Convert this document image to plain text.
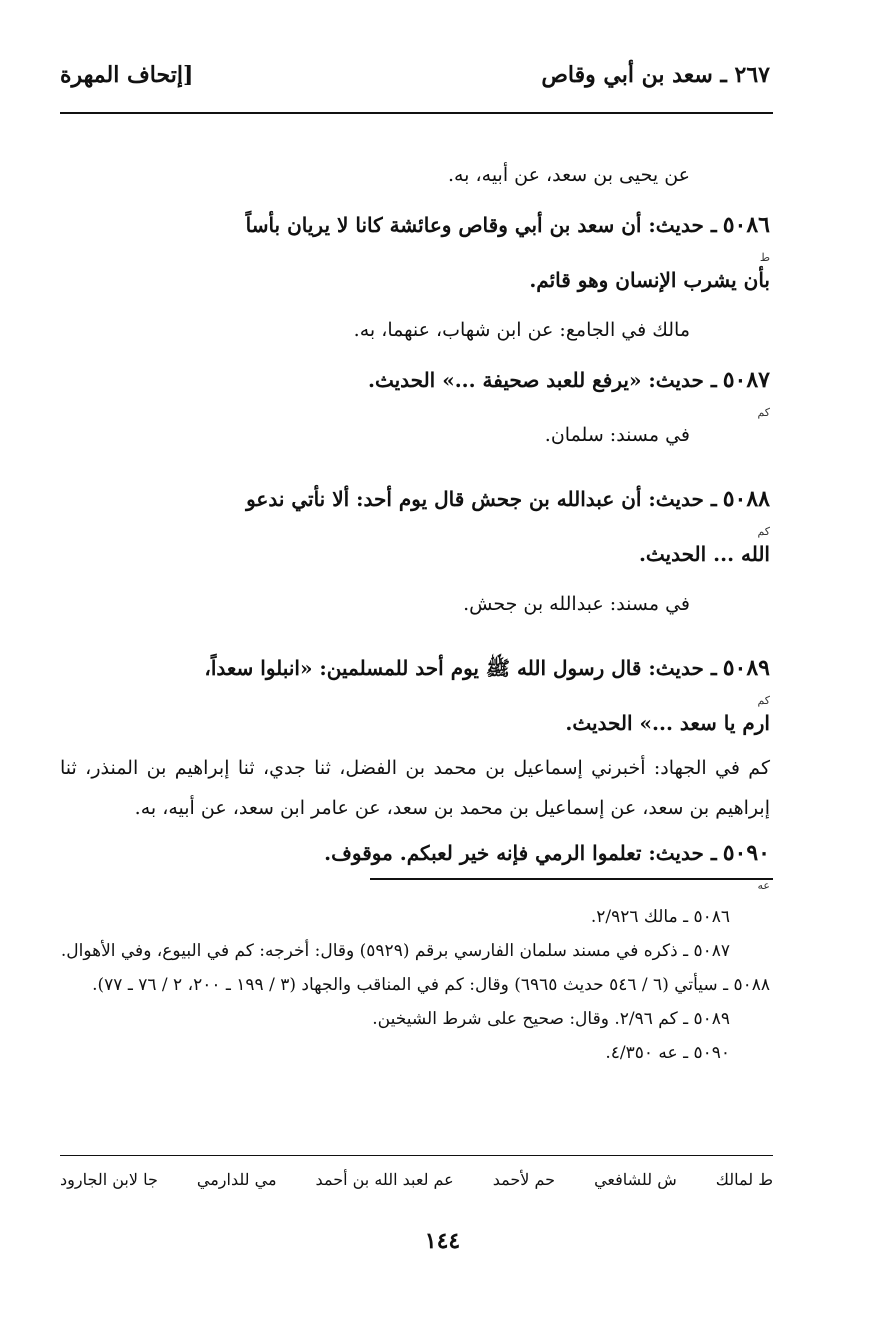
٢٦٧ ـ سعد بن أبي وقاص
[إتحاف المهرة
عن يحيى بن سعد، عن أبيه، به.
٥٠٨٦ ـ حديث: أن سعد بن أبي وقاص وعائشة كانا لا يريان بأساً
ط
بأن يشرب الإنسان وهو قائم.
مالك في الجامع: عن ابن شهاب، عنهما، به.
٥٠٨٧ ـ حديث: «يرفع للعبد صحيفة ...» الحديث.
كم
في مسند: سلمان.
٥٠٨٨ ـ حديث: أن عبدالله بن جحش قال يوم أحد: ألا نأتي ندعو
كم
الله ... الحديث.
في مسند: عبدالله بن جحش.
٥٠٨٩ ـ حديث: قال رسول الله ﷺ يوم أحد للمسلمين: «انبلوا سعداً،
كم
ارم يا سعد ...» الحديث.
كم في الجهاد: أخبرني إسماعيل بن محمد بن الفضل، ثنا جدي، ثنا إبراهيم بن المنذر، ثنا إبراهيم بن سعد، عن إسماعيل بن محمد بن سعد، عن عامر ابن سعد، عن أبيه، به.
٥٠٩٠ ـ حديث: تعلموا الرمي فإنه خير لعبكم. موقوف.
عه

٥٠٨٦ ـ مالك ٢/٩٢٦.

٥٠٨٧ ـ ذكره في مسند سلمان الفارسي برقم (٥٩٢٩) وقال: أخرجه: كم في البيوع، وفي الأهوال.

٥٠٨٨ ـ سيأتي (٦ / ٥٤٦ حديث ٦٩٦٥) وقال: كم في المناقب والجهاد (٣ / ١٩٩ ـ ٢٠٠، ٢ / ٧٦ ـ ٧٧).

٥٠٨٩ ـ كم ٢/٩٦. وقال: صحيح على شرط الشيخين.

٥٠٩٠ ـ عه ٤/٣٥٠.

ط لمالك
ش للشافعي
حم لأحمد
عم لعبد الله بن أحمد
مي للدارمي
جا لابن الجارود
١٤٤
